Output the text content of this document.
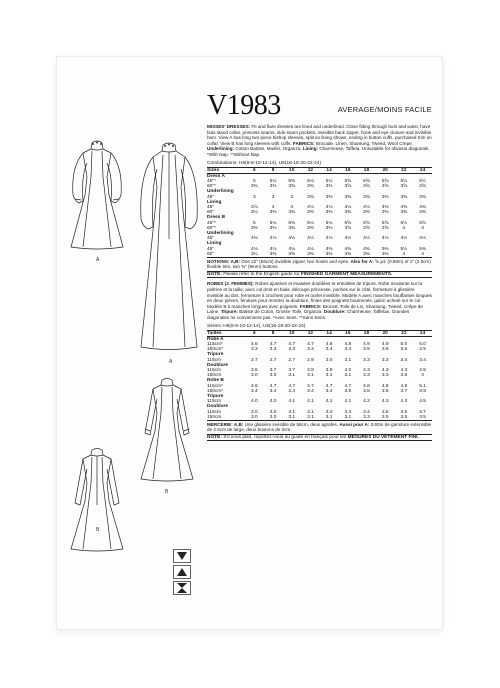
A
A
B
B
V1983	AVERAGE/MOINS FACILE
MISSES' DRESSES: Fit and flare dresses are lined and underlined. Close fitting through bust and waist, have bias stand collar, princess seams, side seam pockets, invisible back zipper, hook and eye closure and invisible hem. View A has long two piece bishop sleeves, split so lining shows, ending in button cuffs, purchased trim on collar. View B has long sleeves with cuffs. FABRICS: Brocade, Linen, Shantung, Tweed, Wool Crepe. Underlining: Cotton Batiste, Muslin, Organza. Lining: Charmeuse, Taffeta. Unsuitable for obvious diagonals. *With Nap. **Without Nap.
Combinations: H5(6-8-10-12-14), U5(16-18-20-22-24)
Sizes	6	8	10	12	14	16	18	20	22	24
Dress A										
45"*	5	5¼	5⅜	5⅛	5¼	5⅝	5⅝	5⅝	5½	5½
60"*	3⅜	3⅜	3⅜	3⅜	3⅜	3⅝	3⅝	3⅝	3⅝	3⅝
Underlining										
45"	3	3	3	3⅜	3⅜	3⅜	3⅜	3⅜	3⅜	3⅜
Lining										
45"	3⅞	4	4	4⅛	4⅛	4⅛	4⅛	4⅜	4⅜	4⅜
60"	3¼	3⅜	3⅜	3⅜	3⅜	3⅜	3⅜	3⅜	3⅜	3⅜
Dress B										
45"*	5	5¼	5⅜	5⅛	5¼	5⅝	5⅝	5⅝	5½	5⅝
60"*	3⅜	3⅜	3⅜	3⅜	3⅜	3⅝	3⅝	3⅝	4	4
Underlining										
45"	4⅜	4⅛	4⅛	4⅛	4⅛	4⅛	4⅛	4⅛	4⅛	4⅛
Lining										
45"	4⅛	4⅛	4⅛	4⅛	4⅜	4⅜	4⅜	5⅜	5½	5⅜
60"	3¼	3⅜	3⅜	3⅜	3⅜	3⅜	3⅜	3⅜	4	4
NOTIONS: A,B: One 22" (56cm) invisible zipper, two hooks and eyes. Also for A: ⅝ yd. (0.60m) of 1" (2.5cm) flexible trim, two ⅜" (9mm) buttons.
NOTE: Please refer to the English guide for FINISHED GARMENT MEASUREMENTS.
ROBES (J. FEMMES): Robes ajustées et évasées doublées et entoilées de tripure. Robe moulante sur la poitrine et la taille, avec col droit en biais, découpe princesse, poches sur le côté, fermeture à glissière invisible au dos, fermeture à crochets pour robe et ourlet invisible. Modèle A avec manches bouffantes longues en deux pièces, fendues pour montrer la doublure, finies des poignets boutonnés, galon acheté sur le col. Modèle B à manches longues avec poignets. FABRICS: Brocart, Toile de Lin, Shantung, Tweed, Crêpe de Laine. Tripure: Batiste de Coton, Grosse Toile, Organza. Doublure: Charmeuse, Taffetas. Grandes diagonales ne conviennent pas. *Avec Sens. **Sans Sens.
Séries: H5(6-8-10-12-14), U5(16-18-20-22-24)
Tailles	6	8	10	12	14	16	18	20	22	24
Robe A										
115cm*	4.6	4.7	4.7	4.7	4.8	4.8	4.9	4.9	5.0	5.0
150cm*	3.3	3.3	3.3	3.4	3.4	3.4	3.5	3.5	3.5	3.5
Tripure										
115cm	2.7	2.7	2.7	2.9	3.0	3.1	3.3	3.3	3.4	3.4
Doublure										
115cm	3.5	3.7	3.7	3.8	3.9	4.0	4.3	4.3	4.3	4.5
150cm	3.0	3.0	3.1	3.1	3.1	3.1	3.3	3.3	3.5	4
Robe B										
115cm*	4.6	4.7	4.7	4.7	4.7	4.7	4.8	4.8	4.9	5.1
150cm*	3.4	3.4	3.4	3.4	3.4	3.5	3.5	3.5	3.7	3.9
Tripure										
115cm	4.0	4.0	4.1	4.1	4.1	4.1	4.2	4.3	4.3	4.5
Doublure										
115cm	3.0	3.0	3.1	3.1	3.2	3.3	3.4	3.5	3.5	3.7
150cm	3.0	3.0	3.1	3.1	3.1	3.1	3.3	3.5	3.5	3.5
MERCERIE: A,B: Une glissière invisible de 56cm, deux agrafes. Aussi pour A: 0.60m de garniture extensible de 2.5cm de large, deux boutons de 2cm.
NOTE: S'il vous plaît, reportez-vous au guide en français pour les MESURES DU VÊTEMENT FINI.
